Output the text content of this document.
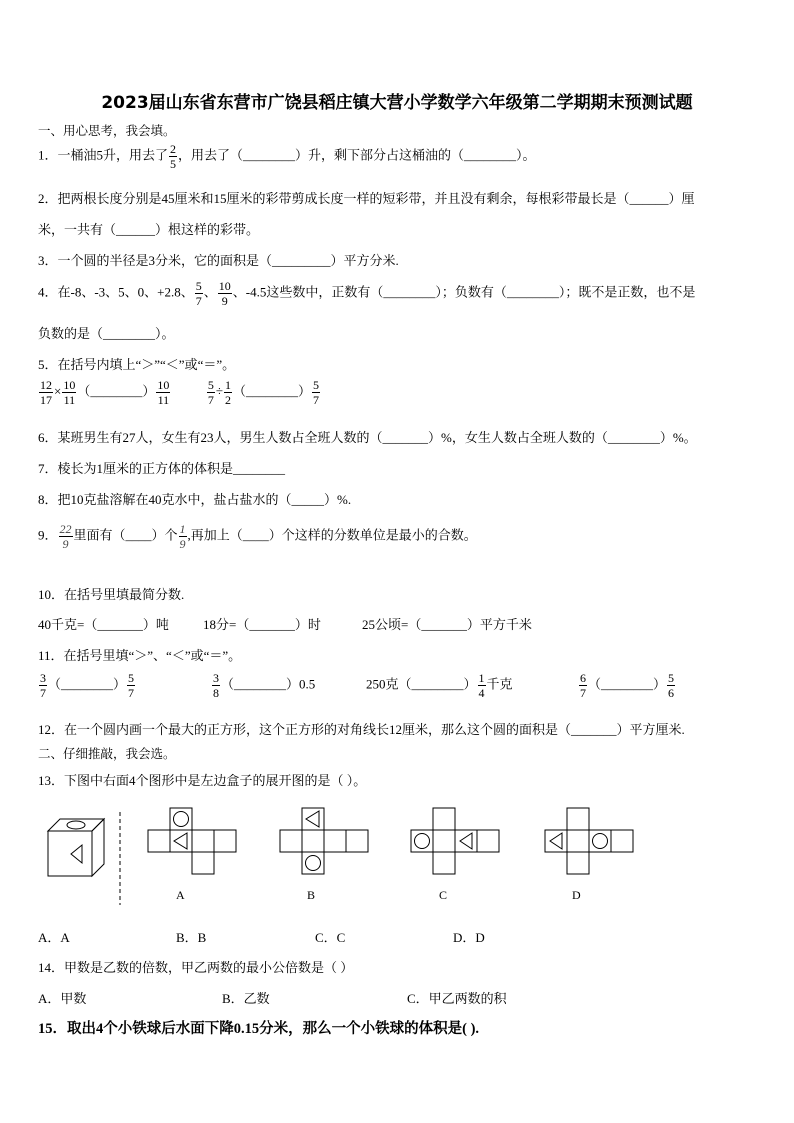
2023届山东省东营市广饶县稻庄镇大营小学数学六年级第二学期期末预测试题
一、用心思考，我会填。
1．一桶油5升，用去了 $\frac{2}{5}$ ，用去了（________）升，剩下部分占这桶油的（________）。
2．把两根长度分别是45厘米和15厘米的彩带剪成长度一样的短彩带，并且没有剩余，每根彩带最长是（______）厘
米，一共有（______）根这样的彩带。
3．一个圆的半径是3分米，它的面积是（_________）平方分米.
4．在-8、-3、5、0、+2.8、 $\frac{5}{7}$ 、 $\frac{10}{9}$ 、-4.5这些数中，正数有（________）；负数有（________）；既不是正数，也不是
负数的是（________）。
5．在括号内填上“＞”“＜”或“＝”。
$\frac{12}{17} \times \frac{10}{11}$ （________） $\frac{10}{11}$
	$\frac{5}{7} \div \frac{1}{2}$ （________） $\frac{5}{7}$
6．某班男生有27人，女生有23人，男生人数占全班人数的（_______）%，女生人数占全班人数的（________）%。
7．棱长为1厘米的正方体的体积是________
8．把10克盐溶解在40克水中，盐占盐水的（_____）%.
9． $\frac{22}{9}$ 里面有（____）个 $\frac{1}{9}$ ,再加上（____）个这样的分数单位是最小的合数。
10．在括号里填最简分数.
40千克=（_______）吨	18分=（_______）时	25公顷=（_______）平方千米
11．在括号里填“＞”、“＜”或“＝”。
$\frac{3}{7}$ （________） $\frac{5}{7}$	$\frac{3}{8}$ （________）0.5	250克（________） $\frac{1}{4}$ 千克	$\frac{6}{7}$ （________） $\frac{5}{6}$
12．在一个圆内画一个最大的正方形，这个正方形的对角线长12厘米，那么这个圆的面积是（_______）平方厘米.
二、仔细推敲，我会选。
13．下图中右面4个图形中是左边盒子的展开图的是（ ）。
A	B	C	D
A．A	B．B	C．C	D．D
14．甲数是乙数的倍数，甲乙两数的最小公倍数是（ ）
A．甲数	B．乙数	C．甲乙两数的积
15．取出4个小铁球后水面下降0.15分米，那么一个小铁球的体积是( ).
